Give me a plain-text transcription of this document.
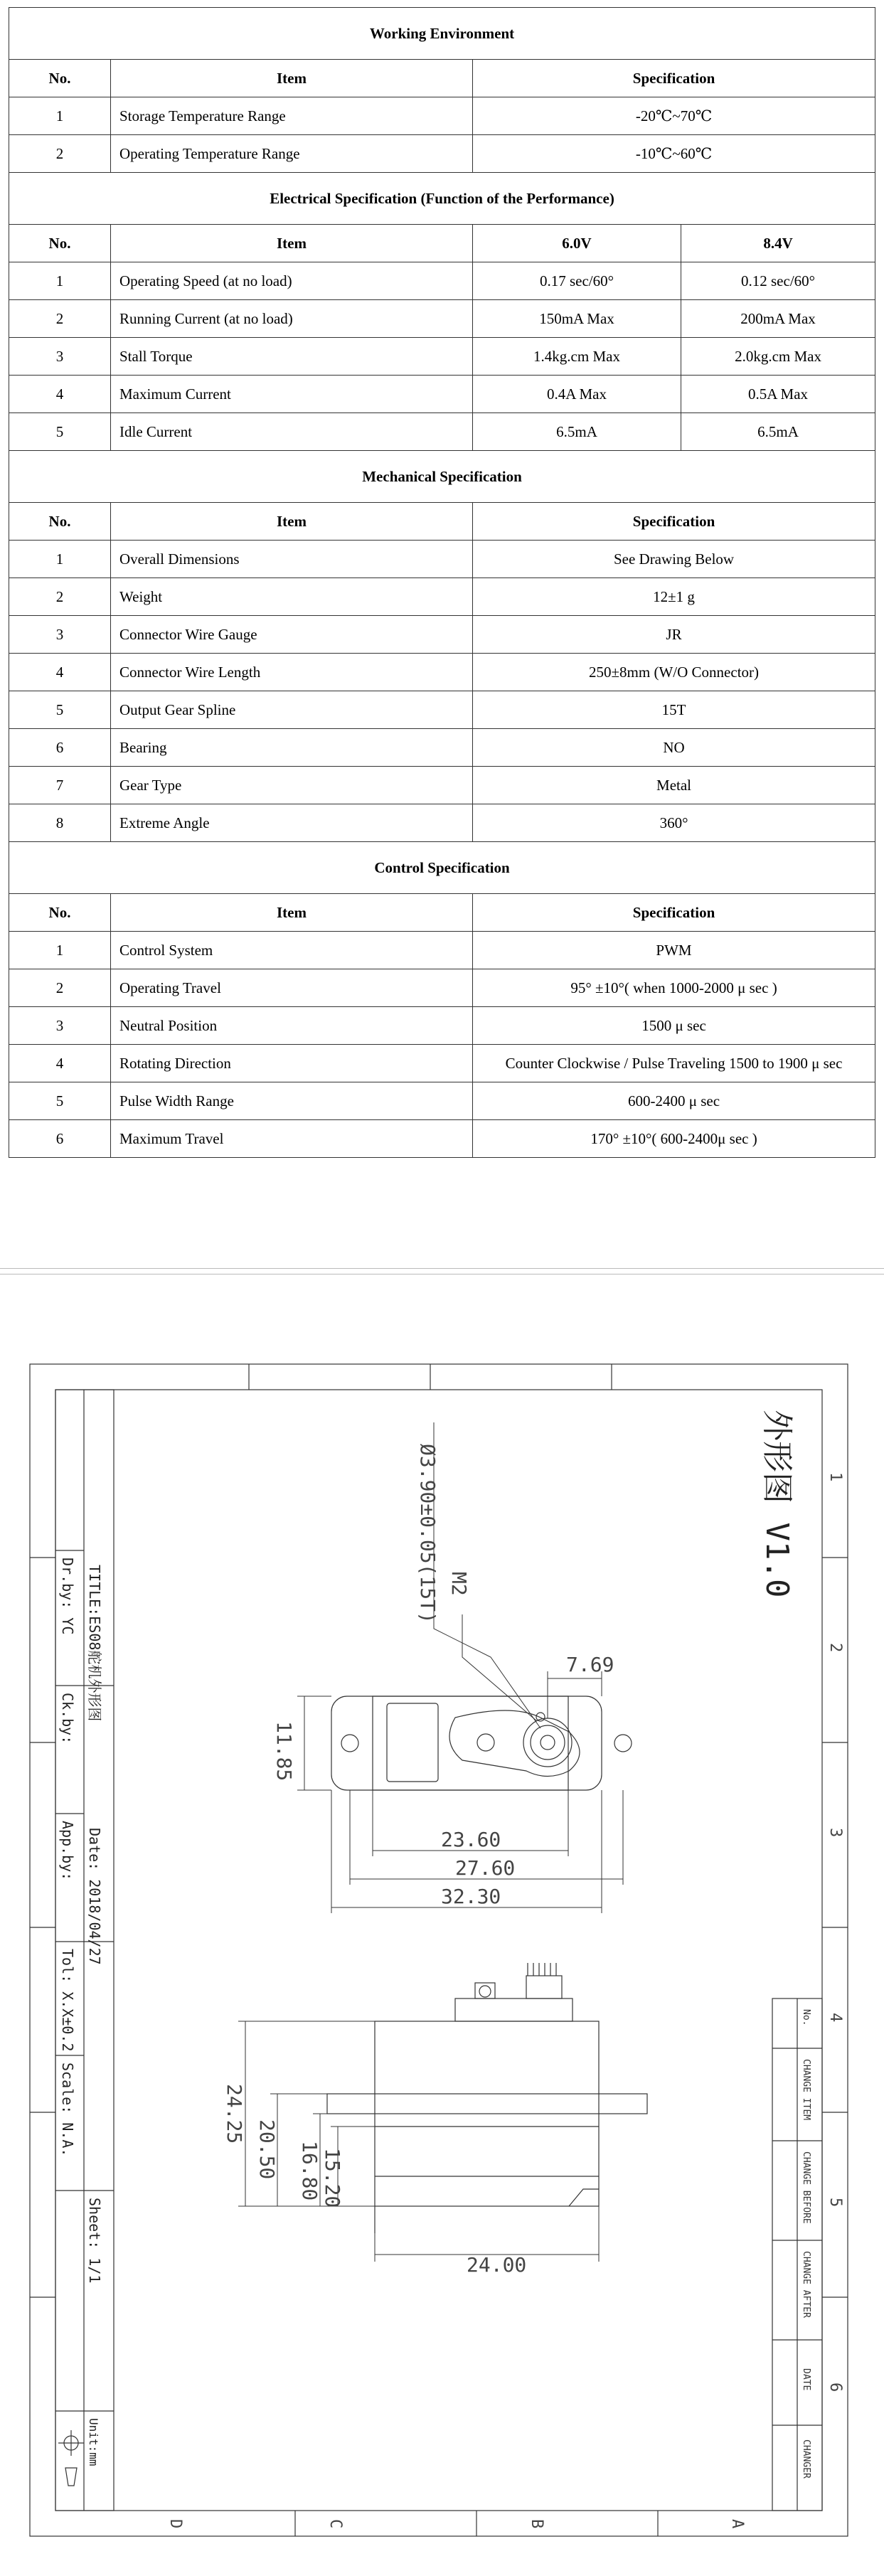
Working Environment			
No.	Item	Specification	
1	Storage Temperature Range	-20℃~70℃	
2	Operating Temperature Range	-10℃~60℃	
Electrical Specification (Function of the Performance)			
No.	Item	6.0V	8.4V
1	Operating Speed (at no load)	0.17 sec/60°	0.12 sec/60°
2	Running Current (at no load)	150mA Max	200mA Max
3	Stall Torque	1.4kg.cm Max	2.0kg.cm Max
4	Maximum Current	0.4A Max	0.5A Max
5	Idle Current	6.5mA	6.5mA
Mechanical Specification			
No.	Item	Specification	
1	Overall Dimensions	See Drawing Below	
2	Weight	12±1 g	
3	Connector Wire Gauge	JR	
4	Connector Wire Length	250±8mm (W/O Connector)	
5	Output Gear Spline	15T	
6	Bearing	NO	
7	Gear Type	Metal	
8	Extreme Angle	360°	
Control Specification			
No.	Item	Specification	
1	Control System	PWM	
2	Operating Travel	95° ±10°( when 1000-2000 μ sec )	
3	Neutral Position	1500 μ sec	
4	Rotating Direction	Counter Clockwise / Pulse Traveling 1500 to 1900 μ sec	
5	Pulse Width Range	600-2400 μ sec	
6	Maximum Travel	170° ±10°( 600-2400μ sec )	
1
2
3
4
5
6
D	C	B	A
外形图 V1.0
TITLE:ES08舵机外形图
Dr.by: YC
Ck.by:
Date: 2018/04/27
App.by:
Tol: X.X±0.2
Scale: N.A.
Sheet: 1/1
Unit:mm
No.
CHANGE ITEM
CHANGE BEFORE
CHANGE AFTER
DATE
CHANGER
Ø3.90±0.05(15T) M2
7.69
11.85
23.60
27.60
32.30
24.25
20.50 16.80 15.20
24.00
